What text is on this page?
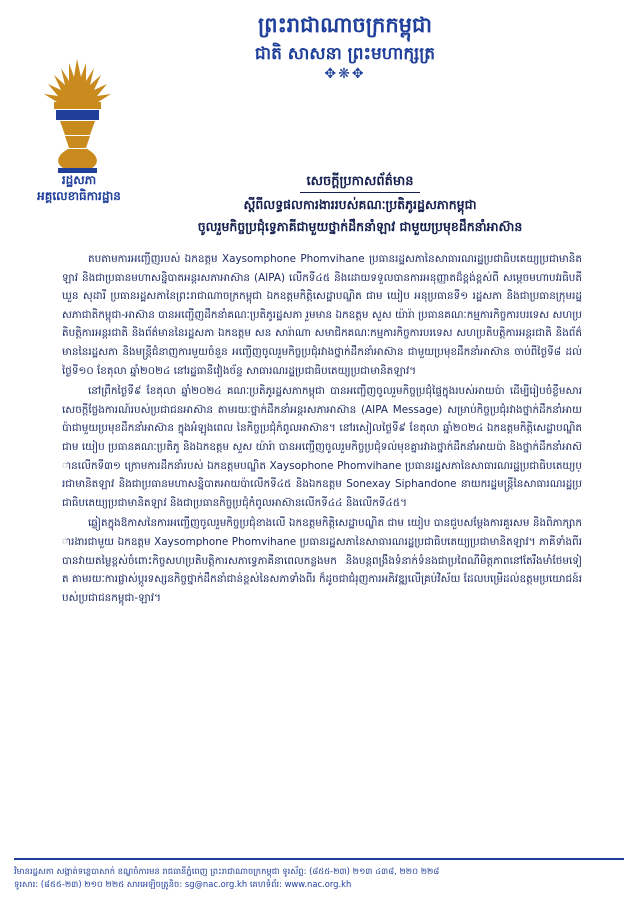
ព្រះរាជាណាចក្រកម្ពុជា
ជាតិ សាសនា ព្រះមហាក្សត្រ
✥❋✥
រដ្ឋសភា
អគ្គលេខាធិការដ្ឋាន
សេចក្ដីប្រកាសព័ត៌មាន
ស្ដីពីលទ្ធផលការងាររបស់គណៈប្រតិភូរដ្ឋសភាកម្ពុជា
ចូលរួមកិច្ចប្រជុំទ្វេភាគីជាមួយថ្នាក់ដឹកនាំឡាវ ជាមួយប្រមុខដឹកនាំអាស៊ាន

តបតាមការអញ្ជើញរបស់ ឯកឧត្តម Xaysomphone Phomvihane ប្រធានរដ្ឋសភានៃសាធារណរដ្ឋប្រជាធិបតេយ្យប្រជាមានិតឡាវ និងជាប្រធានមហាសន្និបាតអន្តរសភាអាស៊ាន (AIPA) លើកទី៤៥ និងដោយទទួលបានការអនុញ្ញាតដ៏ខ្ពង់ខ្ពស់ពី សម្ដេចមហាបវរធិបតី ឃួន សុដារី ប្រធានរដ្ឋសភានៃព្រះរាជាណាចក្រកម្ពុជា ឯកឧត្តមកិត្តិសេដ្ឋាបណ្ឌិត ជាម យៀប អនុប្រធានទី១ រដ្ឋសភា និងជាប្រធានក្រុមរដ្ឋសភាជាតិកម្ពុជា-អាស៊ាន បានអញ្ជើញដឹកនាំគណៈប្រតិភូរដ្ឋសភា រួមមាន ឯកឧត្តម សួស យ៉ារ៉ា ប្រធានគណៈកម្មការកិច្ចការបរទេស សហប្រតិបត្តិការអន្តរជាតិ និងព័ត៌មាននៃរដ្ឋសភា ឯកឧត្តម សន សារ៉ាណា សមាជិកគណៈកម្មការកិច្ចការបរទេស សហប្រតិបត្តិការអន្តរជាតិ និងព័ត៌មាននៃរដ្ឋសភា និងមន្ត្រីជំនាញការមួយចំនួន អញ្ជើញចូលរួមកិច្ចប្រជុំរវាងថ្នាក់ដឹកនាំអាស៊ាន ជាមួយប្រមុខដឹកនាំអាស៊ាន ចាប់ពីថ្ងៃទី៨ ដល់ថ្ងៃទី១០ ខែតុលា ឆ្នាំ២០២៤ នៅរដ្ឋធានីវៀងច័ន្ទ សាធារណរដ្ឋប្រជាធិបតេយ្យប្រជាមានិតឡាវ។

នៅព្រឹកថ្ងៃទី៩ ខែតុលា ឆ្នាំ២០២៤ គណៈប្រតិភូរដ្ឋសភាកម្ពុជា បានអញ្ជើញចូលរួមកិច្ចប្រជុំផ្ទៃក្នុងរបស់អាយប៉ា ដើម្បីរៀបចំខ្លឹមសារសេចក្ដីថ្លែងការណ៍របស់ប្រជាជនអាស៊ាន តាមរយៈថ្នាក់ដឹកនាំអន្តរសភាអាស៊ាន (AIPA Message) សម្រាប់កិច្ចប្រជុំរវាងថ្នាក់ដឹកនាំអាយប៉ាជាមួយប្រមុខដឹកនាំអាស៊ាន ក្នុងអំឡុងពេល នៃកិច្ចប្រជុំកំពូលអាស៊ាន។ នៅរសៀលថ្ងៃទី៩ ខែតុលា ឆ្នាំ២០២៤ ឯកឧត្តមកិត្តិសេដ្ឋាបណ្ឌិត ជាម យៀប ប្រធានគណៈប្រតិភូ និងឯកឧត្តម សួស យ៉ារ៉ា បានអញ្ជើញចូលរួមកិច្ចប្រជុំទល់មុខគ្នារវាងថ្នាក់ដឹកនាំអាយប៉ា និងថ្នាក់ដឹកនាំអាស៊ានលើកទី៣១ ក្រោមការដឹកនាំរបស់ ឯកឧត្តមបណ្ឌិត Xaysophone Phomvihane ប្រធានរដ្ឋសភានៃសាធារណរដ្ឋប្រជាធិបតេយ្យប្រជាមានិតឡាវ និងជាប្រធានមហាសន្និបាតអាយប៉ាលើកទី៤៥ និងឯកឧត្តម Sonexay Siphandone នាយករដ្ឋមន្ត្រីនៃសាធារណរដ្ឋប្រជាធិបតេយ្យប្រជាមានិតឡាវ និងជាប្រធានកិច្ចប្រជុំកំពូលអាស៊ានលើកទី៤៤ និងលើកទី៤៥។

ឆ្លៀតក្នុងឱកាសនៃការអញ្ជើញចូលរួមកិច្ចប្រជុំខាងលើ ឯកឧត្តមកិត្តិសេដ្ឋាបណ្ឌិត ជាម យៀប បានជួបសម្ដែងការគួរសម និងពិភាក្សាការងារជាមួយ ឯកឧត្តម Xaysomphone Phomvihane ប្រធានរដ្ឋសភានៃសាធារណរដ្ឋប្រជាធិបតេយ្យប្រជាមានិតឡាវ។ ភាគីទាំងពីរបានវាយតម្លៃខ្ពស់ចំពោះកិច្ចសហប្រតិបត្តិការសភាទ្វេភាគីនាពេលកន្លងមក និងបន្តពង្រឹងទំនាក់ទំនងជាប្រពៃណីមិត្តភាពនៅតែរឹងមាំថែមទៀត តាមរយៈការផ្លាស់ប្ដូរទស្សនកិច្ចថ្នាក់ដឹកនាំជាន់ខ្ពស់នៃសភាទាំងពីរ ក៏ដូចជាជំរុញការអភិវឌ្ឍលើគ្រប់វិស័យ ដែលបម្រើដល់ឧត្តមប្រយោជន៍របស់ប្រជាជនកម្ពុជា-ឡាវ។

វិមានរដ្ឋសភា សង្កាត់ទន្លេបាសាក់ ខណ្ឌចំការមន រាជធានីភ្នំពេញ ព្រះរាជាណាចក្រកម្ពុជា ទូរស័ព្ទ: (៨៥៥-២៣) ២១៣ ៤៣៨, ២២០ ២២៨
ទូរសារ: (៨៥៥-២៣) ២១០ ២២៥ សារអេឡិចត្រូនិច: sg@nac.org.kh គេហទំព័រ: www.nac.org.kh
